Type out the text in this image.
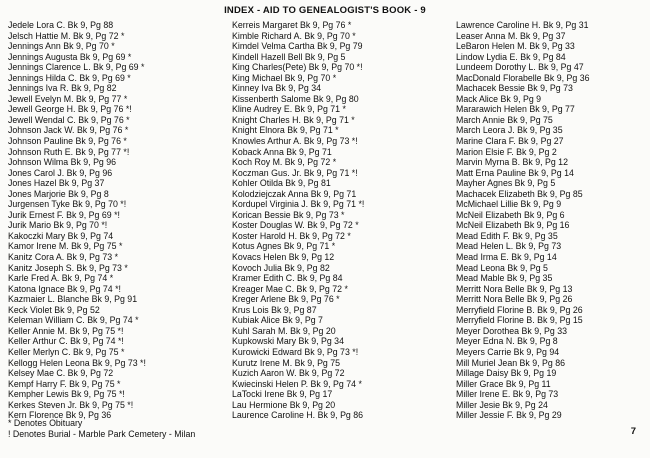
INDEX - AID TO GENEALOGIST'S BOOK - 9
Jedele Lora C. Bk 9, Pg 88
Jelsch Hattie M. Bk 9, Pg 72 *
Jennings Ann Bk 9, Pg 70 *
Jennings Augusta Bk 9, Pg 69 *
Jennings Clarence L. Bk 9, Pg 69 *
Jennings Hilda C. Bk 9, Pg 69 *
Jennings Iva R. Bk 9, Pg 82
Jewell Evelyn M. Bk 9, Pg 77 *
Jewell George H. Bk 9, Pg 76 *!
Jewell Wendal C. Bk 9, Pg 76 *
Johnson Jack W. Bk 9, Pg 76 *
Johnson Pauline Bk 9, Pg 76 *
Johnson Ruth E. Bk 9, Pg 77 *!
Johnson Wilma Bk 9, Pg 96
Jones Carol J. Bk 9, Pg 96
Jones Hazel Bk 9, Pg 37
Jones Marjorie Bk 9, Pg 8
Jurgensen Tyke Bk 9, Pg 70 *!
Jurik Ernest F. Bk 9, Pg 69 *!
Jurik Mario Bk 9, Pg 70 *!
Kakoczki Mary Bk 9, Pg 74
Kamor Irene M. Bk 9, Pg 75 *
Kanitz Cora A. Bk 9, Pg 73 *
Kanitz Joseph S. Bk 9, Pg 73 *
Karle Fred A. Bk 9, Pg 74 *
Katona Ignace Bk 9, Pg 74 *!
Kazmaier L. Blanche Bk 9, Pg 91
Keck Violet Bk 9, Pg 52
Keleman William C. Bk 9, Pg 74 *
Keller Annie M. Bk 9, Pg 75 *!
Keller Arthur C. Bk 9, Pg 74 *!
Keller Merlyn C. Bk 9, Pg 75 *
Kellogg Helen Leona Bk 9, Pg 73 *!
Kelsey Mae C. Bk 9, Pg 72
Kempf Harry F. Bk 9, Pg 75 *
Kempher Lewis Bk 9, Pg 75 *!
Kerkes Steven Jr. Bk 9, Pg 75 *!
Kern Florence Bk 9, Pg 36
Kerreis Margaret Bk 9, Pg 76 *
Kimble Richard A. Bk 9, Pg 70 *
Kimdel Velma Cartha Bk 9, Pg 79
Kindell Hazell Bell Bk 9, Pg 5
King Charles(Pete) Bk 9, Pg 70 *!
King Michael Bk 9, Pg 70 *
Kinney Iva Bk 9, Pg 34
Kissenberth Salome Bk 9, Pg 80
Kline Audrey E. Bk 9, Pg 71 *
Knight Charles H. Bk 9, Pg 71 *
Knight Elnora Bk 9, Pg 71 *
Knowles Arthur A. Bk 9, Pg 73 *!
Koback Anna Bk 9, Pg 71
Koch Roy M. Bk 9, Pg 72 *
Koczman Gus. Jr. Bk 9, Pg 71 *!
Kohler Otilda Bk 9, Pg 81
Kolodziejczak Anna Bk 9, Pg 71
Kordupel Virginia J. Bk 9, Pg 71 *!
Korican Bessie Bk 9, Pg 73 *
Koster Douglas W. Bk 9, Pg 72 *
Koster Harold H. Bk 9, Pg 72 *
Kotus Agnes Bk 9, Pg 71 *
Kovacs Helen Bk 9, Pg 12
Kovoch Julia Bk 9, Pg 82
Kramer Edith C. Bk 9, Pg 84
Kreager Mae C. Bk 9, Pg 72 *
Kreger Arlene Bk 9, Pg 76 *
Krus Lois Bk 9, Pg 87
Kubiak Alice Bk 9, Pg 7
Kuhl Sarah M. Bk 9, Pg 20
Kupkowski Mary Bk 9, Pg 34
Kurowicki Edward Bk 9, Pg 73 *!
Kurutz Irene M. Bk 9, Pg 75
Kuzich Aaron W. Bk 9, Pg 72
Kwiecinski Helen P. Bk 9, Pg 74 *
LaTocki Irene Bk 9, Pg 17
Lau Hermione Bk 9, Pg 20
Laurence Caroline H. Bk 9, Pg 86
Lawrence Caroline H. Bk 9, Pg 31
Leaser Anna M. Bk 9, Pg 37
LeBaron Helen M. Bk 9, Pg 33
Lindow Lydia E. Bk 9, Pg 84
Lundeem Dorothy L. Bk 9, Pg 47
MacDonald Florabelle Bk 9, Pg 36
Machacek Bessie Bk 9, Pg 73
Mack Alice Bk 9, Pg 9
Mararawich Helen Bk 9, Pg 77
March Annie Bk 9, Pg 75
March Leora J. Bk 9, Pg 35
Marine Clara F. Bk 9, Pg 27
Marion Elsie F. Bk 9, Pg 2
Marvin Myrna B. Bk 9, Pg 12
Matt Erna Pauline Bk 9, Pg 14
Mayher Agnes Bk 9, Pg 5
Machacek Elizabeth Bk 9, Pg 85
McMichael Lillie Bk 9, Pg 9
McNeil Elizabeth Bk 9, Pg 6
McNeil Elizabeth Bk 9, Pg 16
Mead Edith F. Bk 9, Pg 35
Mead Helen L. Bk 9, Pg 73
Mead Irma E. Bk 9, Pg 14
Mead Leona Bk 9, Pg 5
Mead Mable Bk 9, Pg 35
Merritt Nora Belle Bk 9, Pg 13
Merritt Nora Belle Bk 9, Pg 26
Merryfield Florine B. Bk 9, Pg 26
Merryfield Florine B. Bk 9, Pg 15
Meyer Dorothea Bk 9, Pg 33
Meyer Edna N. Bk 9, Pg 8
Meyers Carrie Bk 9, Pg 94
Mill Muriel Jean Bk 9, Pg 86
Millage Daisy Bk 9, Pg 19
Miller Grace Bk 9, Pg 11
Miller Irene E. Bk 9, Pg 73
Miller Jesie Bk 9, Pg 24
Miller Jessie F. Bk 9, Pg 29
* Denotes Obituary
! Denotes Burial - Marble Park Cemetery - Milan	7
